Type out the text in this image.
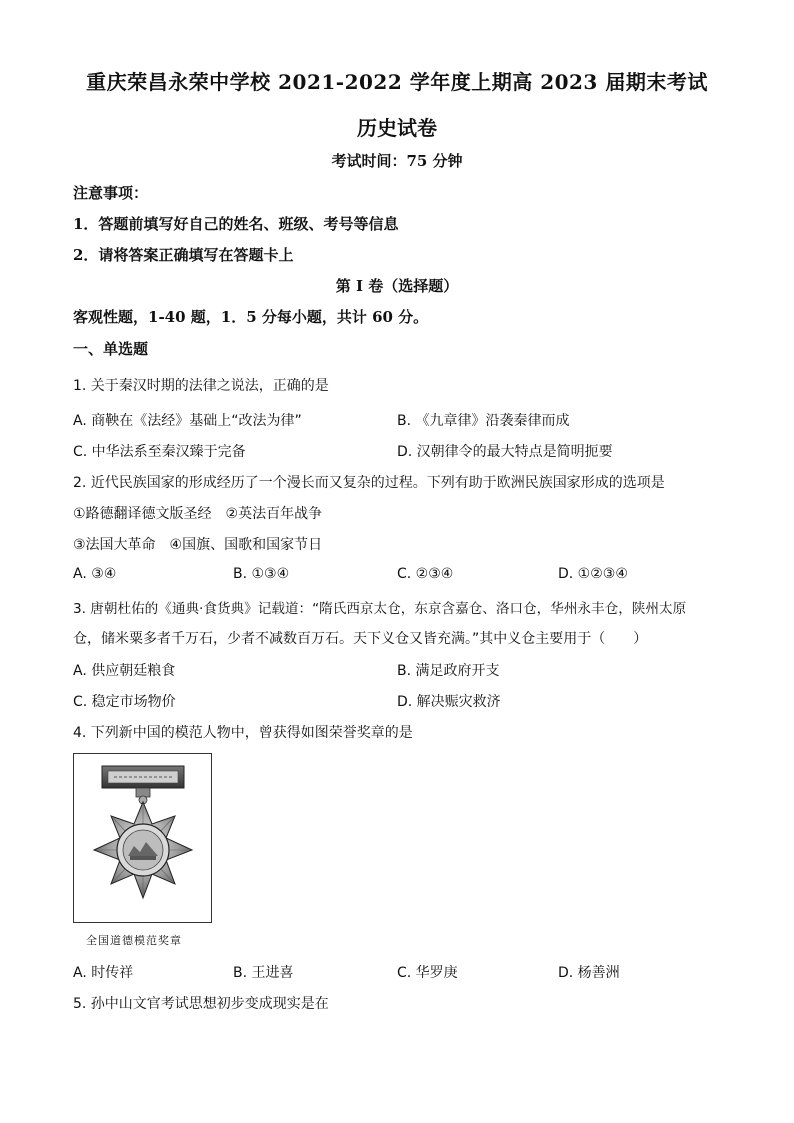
重庆荣昌永荣中学校 2021-2022 学年度上期高 2023 届期末考试
历史试卷
考试时间：75 分钟
注意事项：
1．答题前填写好自己的姓名、班级、考号等信息
2．请将答案正确填写在答题卡上
第 I 卷（选择题）
客观性题，1-40 题，1．5 分每小题，共计 60 分。
一、单选题
1. 关于秦汉时期的法律之说法，正确的是
A. 商鞅在《法经》基础上“改法为律”	B. 《九章律》沿袭秦律而成
C. 中华法系至秦汉臻于完备	D. 汉朝律令的最大特点是简明扼要
2. 近代民族国家的形成经历了一个漫长而又复杂的过程。下列有助于欧洲民族国家形成的选项是
①路德翻译德文版圣经　②英法百年战争
③法国大革命　④国旗、国歌和国家节日
A. ③④	B. ①③④	C. ②③④	D. ①②③④
3. 唐朝杜佑的《通典·食货典》记载道：“隋氏西京太仓，东京含嘉仓、洛口仓，华州永丰仓，陕州太原
仓，储米粟多者千万石，少者不减数百万石。天下义仓又皆充满。”其中义仓主要用于（　　）
A. 供应朝廷粮食	B. 满足政府开支
C. 稳定市场物价	D. 解决赈灾救济
4. 下列新中国的模范人物中，曾获得如图荣誉奖章的是
全国道德模范奖章
A. 时传祥	B. 王进喜	C. 华罗庚	D. 杨善洲
5. 孙中山文官考试思想初步变成现实是在
